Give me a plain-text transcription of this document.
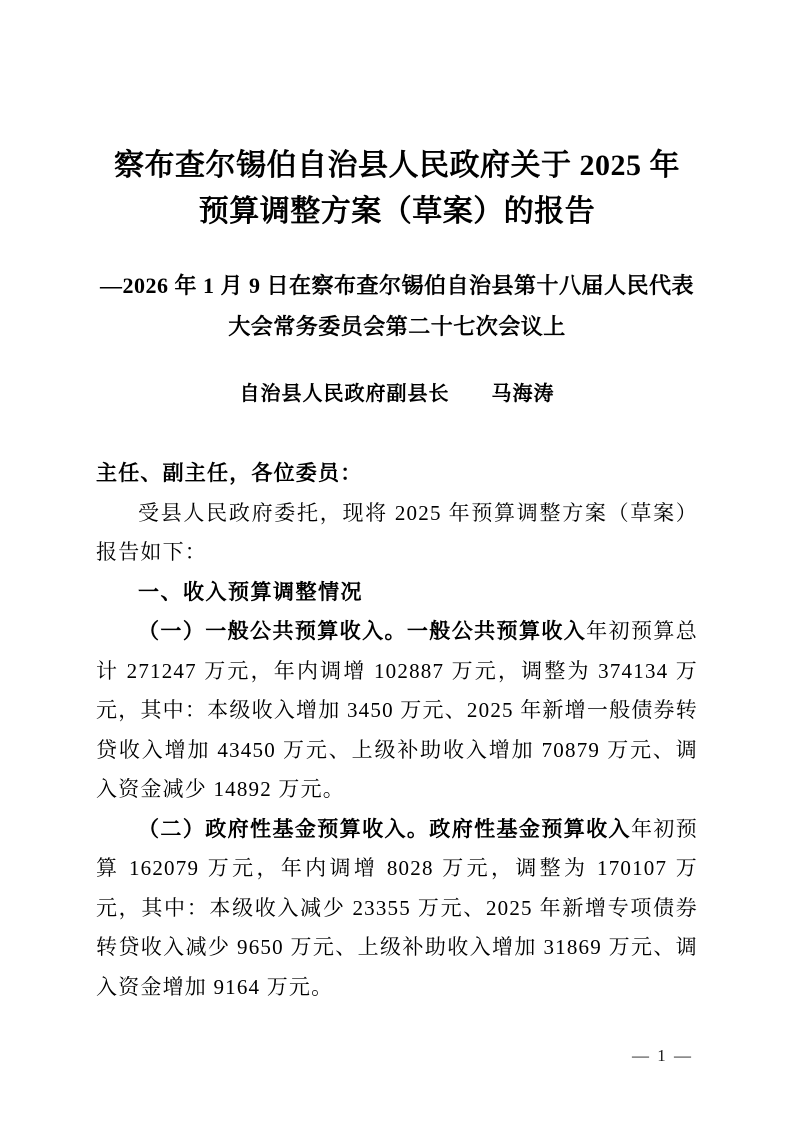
察布查尔锡伯自治县人民政府关于 2025 年
预算调整方案（草案）的报告
—2026 年 1 月 9 日在察布查尔锡伯自治县第十八届人民代表
大会常务委员会第二十七次会议上
自治县人民政府副县长　　马海涛

主任、副主任，各位委员：

受县人民政府委托，现将 2025 年预算调整方案（草案）报告如下：

一、收入预算调整情况

（一）一般公共预算收入。一般公共预算收入年初预算总计 271247 万元，年内调增 102887 万元，调整为 374134 万元，其中：本级收入增加 3450 万元、2025 年新增一般债券转贷收入增加 43450 万元、上级补助收入增加 70879 万元、调入资金减少 14892 万元。

（二）政府性基金预算收入。政府性基金预算收入年初预算 162079 万元，年内调增 8028 万元，调整为 170107 万元，其中：本级收入减少 23355 万元、2025 年新增专项债券转贷收入减少 9650 万元、上级补助收入增加 31869 万元、调入资金增加 9164 万元。

— 1 —
